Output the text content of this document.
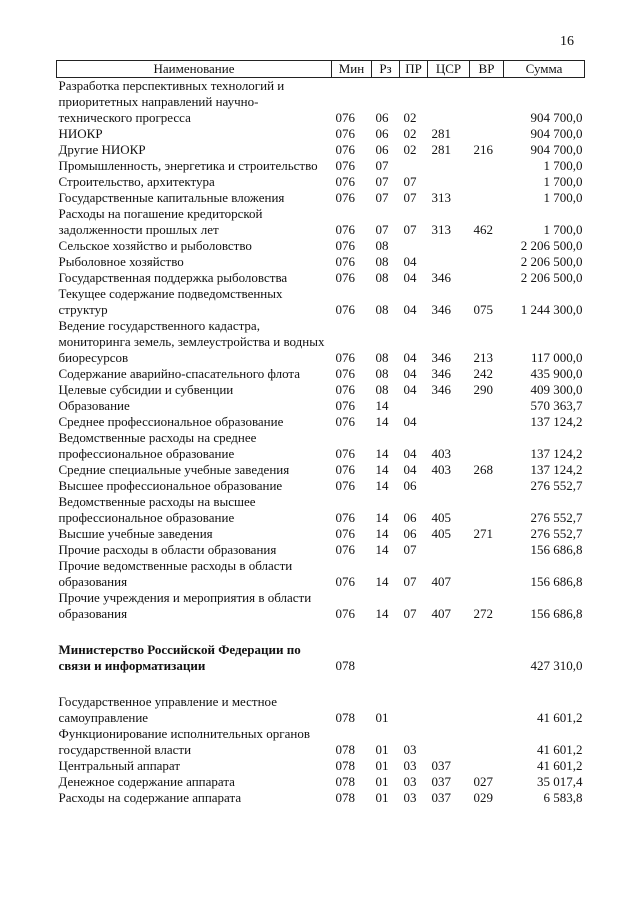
16
Наименование	Мин	Рз	ПР	ЦСР	ВР	Сумма
Разработка перспективных технологий и приоритетных направлений научно-технического прогресса	076	06	02			904 700,0
НИОКР	076	06	02	281		904 700,0
Другие НИОКР	076	06	02	281	216	904 700,0
Промышленность, энергетика и строительство	076	07				1 700,0
Строительство, архитектура	076	07	07			1 700,0
Государственные капитальные вложения	076	07	07	313		1 700,0
Расходы на погашение кредиторской задолженности прошлых лет	076	07	07	313	462	1 700,0
Сельское хозяйство и рыболовство	076	08				2 206 500,0
Рыболовное хозяйство	076	08	04			2 206 500,0
Государственная поддержка рыболовства	076	08	04	346		2 206 500,0
Текущее содержание подведомственных структур	076	08	04	346	075	1 244 300,0
Ведение государственного кадастра, мониторинга земель, землеустройства и водных биоресурсов	076	08	04	346	213	117 000,0
Содержание аварийно-спасательного флота	076	08	04	346	242	435 900,0
Целевые субсидии и субвенции	076	08	04	346	290	409 300,0
Образование	076	14				570 363,7
Среднее профессиональное образование	076	14	04			137 124,2
Ведомственные расходы на среднее профессиональное образование	076	14	04	403		137 124,2
Средние специальные учебные заведения	076	14	04	403	268	137 124,2
Высшее профессиональное образование	076	14	06			276 552,7
Ведомственные расходы на высшее профессиональное образование	076	14	06	405		276 552,7
Высшие учебные заведения	076	14	06	405	271	276 552,7
Прочие расходы в области образования	076	14	07			156 686,8
Прочие ведомственные расходы в области образования	076	14	07	407		156 686,8
Прочие учреждения и мероприятия в области образования	076	14	07	407	272	156 686,8

Министерство Российской Федерации по связи и информатизации	078					427 310,0

Государственное управление и местное самоуправление	078	01				41 601,2
Функционирование исполнительных органов государственной власти	078	01	03			41 601,2
Центральный аппарат	078	01	03	037		41 601,2
Денежное содержание аппарата	078	01	03	037	027	35 017,4
Расходы на содержание аппарата	078	01	03	037	029	6 583,8
